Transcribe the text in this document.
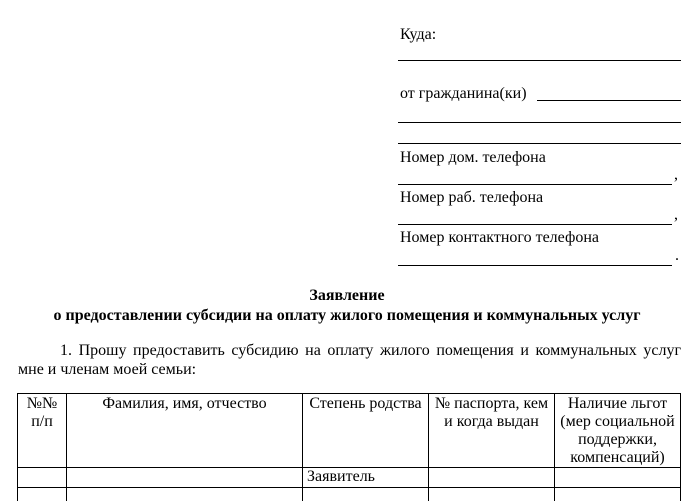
Куда:
от гражданина(ки)
Номер дом. телефона
,
Номер раб. телефона
,
Номер контактного телефона
.
Заявление
о предоставлении субсидии на оплату жилого помещения и коммунальных услуг
1. Прошу предоставить субсидию на оплату жилого помещения и коммунальных услуг
мне и членам моей семьи:
№№
п/п
Фамилия, имя, отчество	Степень родства № паспорта, кем
и когда выдан
Наличие льгот
(мер социальной
поддержки,
компенсаций)
Заявитель
